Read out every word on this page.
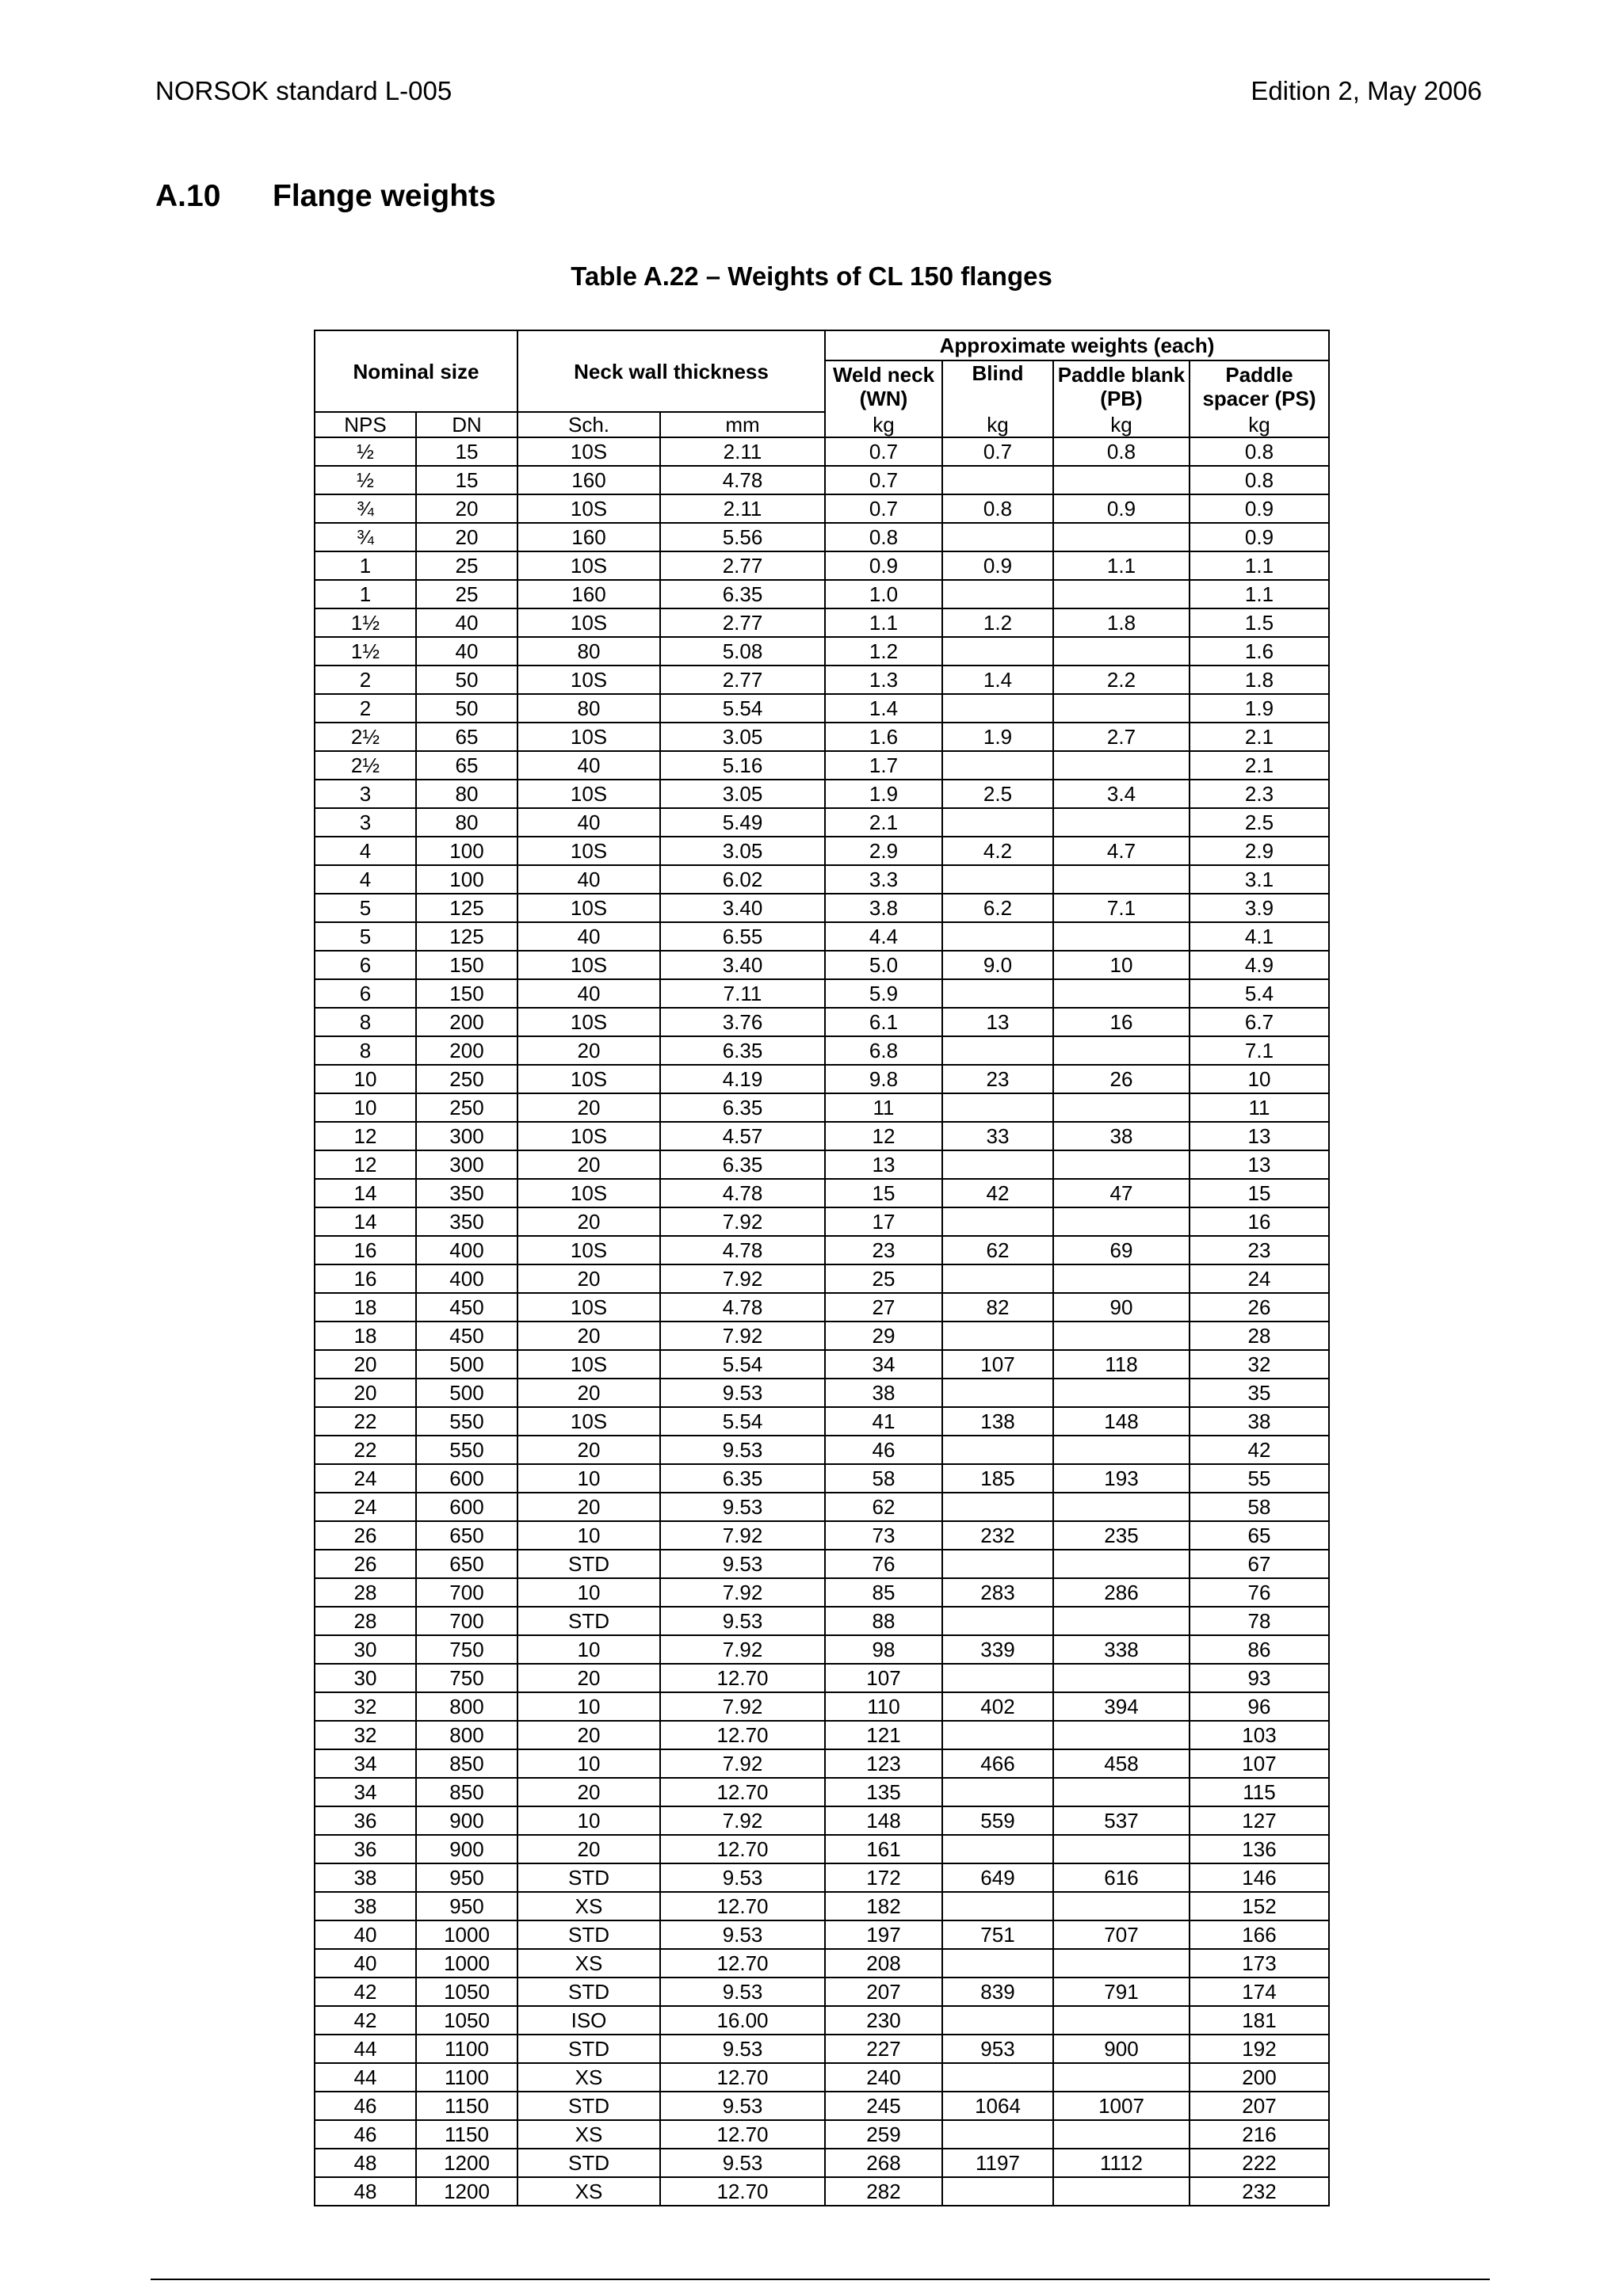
NORSOK standard L-005	Edition 2, May 2006
A.10 Flange weights
Table A.22 – Weights of CL 150 flanges
Nominal size		Neck wall thickness		Approximate weights (each)			
				Weld neck (WN)	Blind	Paddle blank (PB)	Paddle spacer (PS)
NPS	DN	Sch.	mm	kg	kg	kg	kg
½	15	10S	2.11	0.7	0.7	0.8	0.8
½	15	160	4.78	0.7			0.8
¾	20	10S	2.11	0.7	0.8	0.9	0.9
¾	20	160	5.56	0.8			0.9
1	25	10S	2.77	0.9	0.9	1.1	1.1
1	25	160	6.35	1.0			1.1
1½	40	10S	2.77	1.1	1.2	1.8	1.5
1½	40	80	5.08	1.2			1.6
2	50	10S	2.77	1.3	1.4	2.2	1.8
2	50	80	5.54	1.4			1.9
2½	65	10S	3.05	1.6	1.9	2.7	2.1
2½	65	40	5.16	1.7			2.1
3	80	10S	3.05	1.9	2.5	3.4	2.3
3	80	40	5.49	2.1			2.5
4	100	10S	3.05	2.9	4.2	4.7	2.9
4	100	40	6.02	3.3			3.1
5	125	10S	3.40	3.8	6.2	7.1	3.9
5	125	40	6.55	4.4			4.1
6	150	10S	3.40	5.0	9.0	10	4.9
6	150	40	7.11	5.9			5.4
8	200	10S	3.76	6.1	13	16	6.7
8	200	20	6.35	6.8			7.1
10	250	10S	4.19	9.8	23	26	10
10	250	20	6.35	11			11
12	300	10S	4.57	12	33	38	13
12	300	20	6.35	13			13
14	350	10S	4.78	15	42	47	15
14	350	20	7.92	17			16
16	400	10S	4.78	23	62	69	23
16	400	20	7.92	25			24
18	450	10S	4.78	27	82	90	26
18	450	20	7.92	29			28
20	500	10S	5.54	34	107	118	32
20	500	20	9.53	38			35
22	550	10S	5.54	41	138	148	38
22	550	20	9.53	46			42
24	600	10	6.35	58	185	193	55
24	600	20	9.53	62			58
26	650	10	7.92	73	232	235	65
26	650	STD	9.53	76			67
28	700	10	7.92	85	283	286	76
28	700	STD	9.53	88			78
30	750	10	7.92	98	339	338	86
30	750	20	12.70	107			93
32	800	10	7.92	110	402	394	96
32	800	20	12.70	121			103
34	850	10	7.92	123	466	458	107
34	850	20	12.70	135			115
36	900	10	7.92	148	559	537	127
36	900	20	12.70	161			136
38	950	STD	9.53	172	649	616	146
38	950	XS	12.70	182			152
40	1000	STD	9.53	197	751	707	166
40	1000	XS	12.70	208			173
42	1050	STD	9.53	207	839	791	174
42	1050	ISO	16.00	230			181
44	1100	STD	9.53	227	953	900	192
44	1100	XS	12.70	240			200
46	1150	STD	9.53	245	1064	1007	207
46	1150	XS	12.70	259			216
48	1200	STD	9.53	268	1197	1112	222
48	1200	XS	12.70	282			232
